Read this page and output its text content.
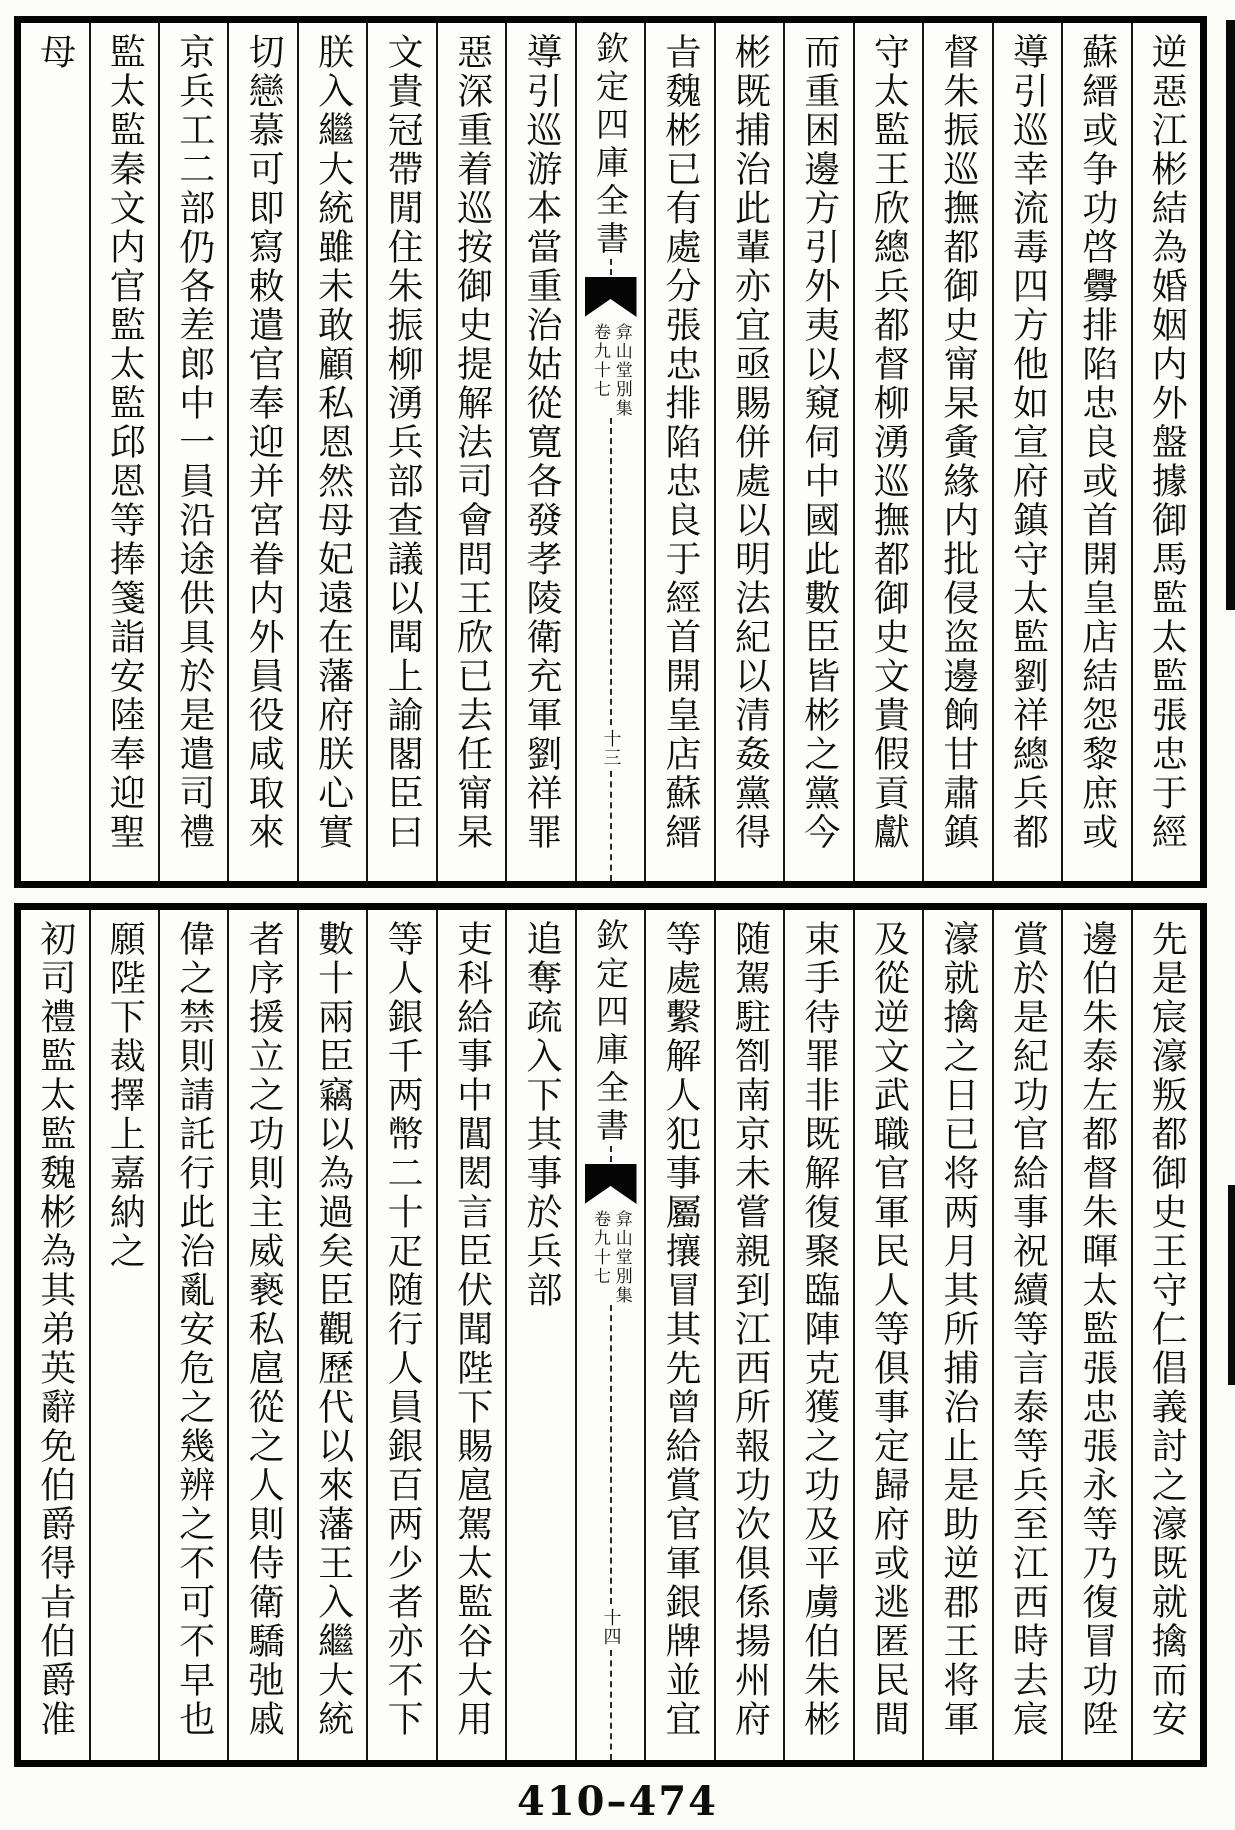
逆惡江彬結為婚姻内外盤據御馬監太監張忠于經
蘇縉或争功啓釁排陷忠良或首開皇店結怨黎庶或
導引巡幸流毒四方他如宣府鎮守太監劉祥總兵都
督朱振巡撫都御史甯杲夤緣内批侵盗邊餉甘肅鎮
守太監王欣總兵都督柳湧巡撫都御史文貴假貢獻
而重困邊方引外夷以窺伺中國此數臣皆彬之黨今
彬既捕治此輩亦宜亟賜併處以明法紀以清姦黨得
㫖魏彬已有處分張忠排陷忠良于經首開皇店蘇縉
欽定四庫全書
弇山堂別集
卷九十七
十三
導引巡游本當重治姑從寛各發孝陵衛充軍劉祥罪
惡深重着巡按御史提解法司會問王欣已去任甯杲
文貴冠帶閒住朱振柳湧兵部查議以聞上諭閣臣曰
朕入繼大統雖未敢顧私恩然母妃遠在藩府朕心實
切戀慕可即寫敕遣官奉迎并宮眷内外員役咸取來
京兵工二部仍各差郎中一員沿途供具於是遣司禮
監太監秦文内官監太監邱恩等捧箋詣安陸奉迎聖
母
先是宸濠叛都御史王守仁倡義討之濠既就擒而安
邊伯朱泰左都督朱暉太監張忠張永等乃復冒功陞
賞於是紀功官給事祝續等言泰等兵至江西時去宸
濠就擒之日已将两月其所捕治止是助逆郡王将軍
及從逆文武職官軍民人等俱事定歸府或逃匿民間
束手待罪非既解復聚臨陣克獲之功及平虜伯朱彬
随駕駐劄南京未嘗親到江西所報功次俱係揚州府
等處繫解人犯事屬攘冒其先曾給賞官軍銀牌並宜
欽定四庫全書
弇山堂別集
卷九十七
十四
追奪疏入下其事於兵部
吏科給事中閶閎言臣伏聞陛下賜扈駕太監谷大用
等人銀千两幣二十疋随行人員銀百两少者亦不下
數十兩臣竊以為過矣臣觀歷代以來藩王入繼大統
者序援立之功則主威褻私扈從之人則侍衛驕弛戚
偉之禁則請託行此治亂安危之幾辨之不可不早也
願陛下裁擇上嘉納之
初司禮監太監魏彬為其弟英辭免伯爵得㫖伯爵准
410–474
